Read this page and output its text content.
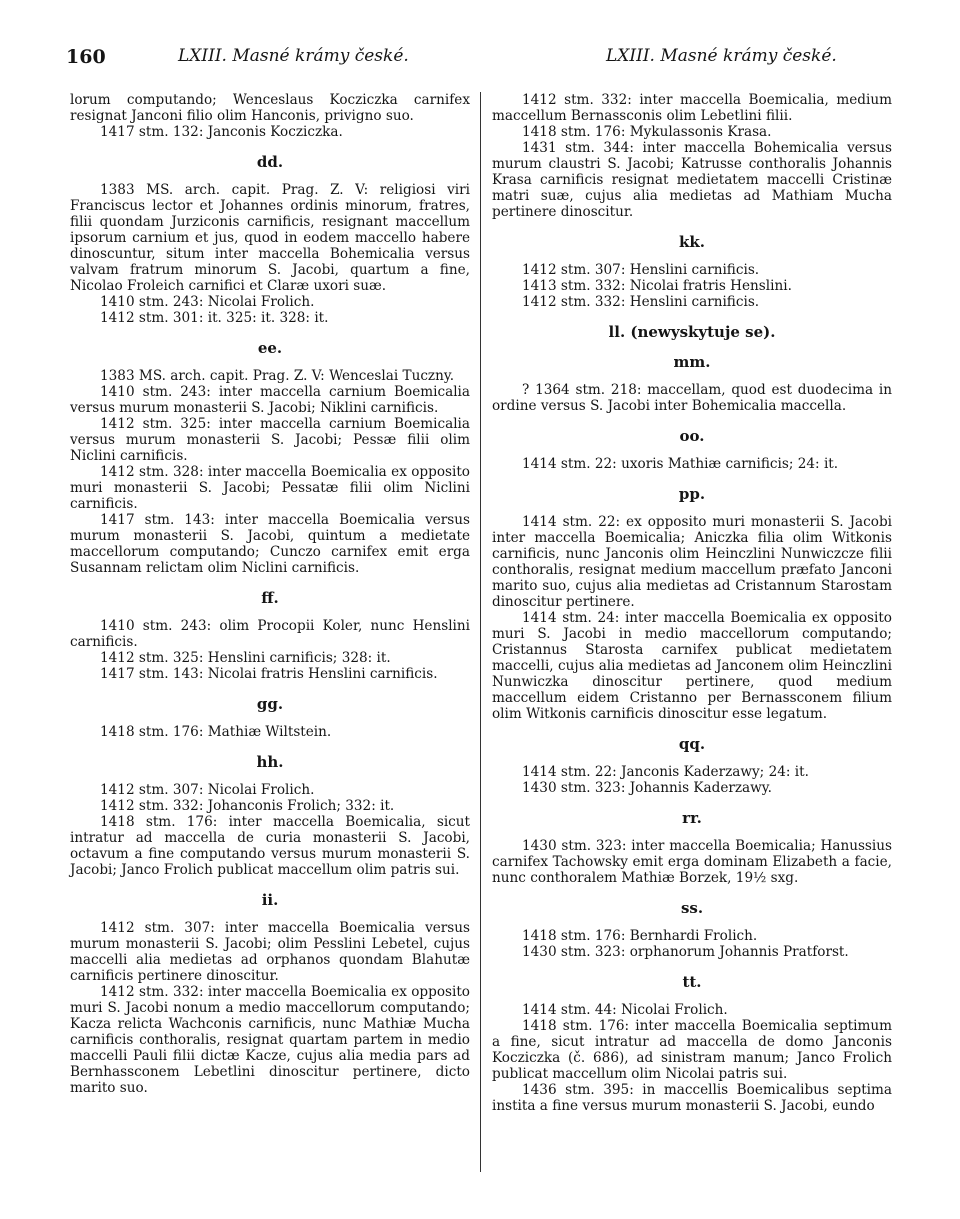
160	LXIII. Masné krámy české.	LXIII. Masné krámy české.

lorum computando; Wenceslaus Kocziczka carnifex resignat Janconi filio olim Hanconis, privigno suo.

1417 stm. 132: Janconis Kocziczka.

dd.

1383 MS. arch. capit. Prag. Z. V: religiosi viri Franciscus lector et Johannes ordinis minorum, fratres, filii quondam Jurziconis carnificis, resignant maccellum ipsorum carnium et jus, quod in eodem maccello habere dinoscuntur, situm inter maccella Bohemicalia versus valvam fratrum minorum S. Jacobi, quartum a fine, Nicolao Froleich carnifici et Claræ uxori suæ.

1410 stm. 243: Nicolai Frolich.

1412 stm. 301: it. 325: it. 328: it.

ee.

1383 MS. arch. capit. Prag. Z. V: Wenceslai Tuczny.

1410 stm. 243: inter maccella carnium Boemicalia versus murum monasterii S. Jacobi; Niklini carnificis.

1412 stm. 325: inter maccella carnium Boemicalia versus murum monasterii S. Jacobi; Pessæ filii olim Niclini carnificis.

1412 stm. 328: inter maccella Boemicalia ex opposito muri monasterii S. Jacobi; Pessatæ filii olim Niclini carnificis.

1417 stm. 143: inter maccella Boemicalia versus murum monasterii S. Jacobi, quintum a medietate maccellorum computando; Cunczo carnifex emit erga Susannam relictam olim Niclini carnificis.

ff.

1410 stm. 243: olim Procopii Koler, nunc Henslini carnificis.

1412 stm. 325: Henslini carnificis; 328: it.

1417 stm. 143: Nicolai fratris Henslini carnificis.

gg.

1418 stm. 176: Mathiæ Wiltstein.

hh.

1412 stm. 307: Nicolai Frolich.

1412 stm. 332: Johanconis Frolich; 332: it.

1418 stm. 176: inter maccella Boemicalia, sicut intratur ad maccella de curia monasterii S. Jacobi, octavum a fine computando versus murum monasterii S. Jacobi; Janco Frolich publicat maccellum olim patris sui.

ii.

1412 stm. 307: inter maccella Boemicalia versus murum monasterii S. Jacobi; olim Pesslini Lebetel, cujus maccelli alia medietas ad orphanos quondam Blahutæ carnificis pertinere dinoscitur.

1412 stm. 332: inter maccella Boemicalia ex opposito muri S. Jacobi nonum a medio maccellorum computando; Kacza relicta Wachconis carnificis, nunc Mathiæ Mucha carnificis conthoralis, resignat quartam partem in medio maccelli Pauli filii dictæ Kacze, cujus alia media pars ad Bernhassconem Lebetlini dinoscitur pertinere, dicto marito suo.

1412 stm. 332: inter maccella Boemicalia, medium maccellum Bernassconis olim Lebetlini filii.

1418 stm. 176: Mykulassonis Krasa.

1431 stm. 344: inter maccella Bohemicalia versus murum claustri S. Jacobi; Katrusse conthoralis Johannis Krasa carnificis resignat medietatem maccelli Cristinæ matri suæ, cujus alia medietas ad Mathiam Mucha pertinere dinoscitur.

kk.

1412 stm. 307: Henslini carnificis.

1413 stm. 332: Nicolai fratris Henslini.

1412 stm. 332: Henslini carnificis.

ll. (newyskytuje se).

mm.

? 1364 stm. 218: maccellam, quod est duodecima in ordine versus S. Jacobi inter Bohemicalia maccella.

oo.

1414 stm. 22: uxoris Mathiæ carnificis; 24: it.

pp.

1414 stm. 22: ex opposito muri monasterii S. Jacobi inter maccella Boemicalia; Aniczka filia olim Witkonis carnificis, nunc Janconis olim Heinczlini Nunwiczcze filii conthoralis, resignat medium maccellum præfato Janconi marito suo, cujus alia medietas ad Cristannum Starostam dinoscitur pertinere.

1414 stm. 24: inter maccella Boemicalia ex opposito muri S. Jacobi in medio maccellorum computando; Cristannus Starosta carnifex publicat medietatem maccelli, cujus alia medietas ad Janconem olim Heinczlini Nunwiczka dinoscitur pertinere, quod medium maccellum eidem Cristanno per Bernassconem filium olim Witkonis carnificis dinoscitur esse legatum.

qq.

1414 stm. 22: Janconis Kaderzawy; 24: it.

1430 stm. 323: Johannis Kaderzawy.

rr.

1430 stm. 323: inter maccella Boemicalia; Hanussius carnifex Tachowsky emit erga dominam Elizabeth a facie, nunc conthoralem Mathiæ Borzek, 19½ sxg.

ss.

1418 stm. 176: Bernhardi Frolich.

1430 stm. 323: orphanorum Johannis Pratforst.

tt.

1414 stm. 44: Nicolai Frolich.

1418 stm. 176: inter maccella Boemicalia septimum a fine, sicut intratur ad maccella de domo Janconis Kocziczka (č. 686), ad sinistram manum; Janco Frolich publicat maccellum olim Nicolai patris sui.

1436 stm. 395: in maccellis Boemicalibus septima instita a fine versus murum monasterii S. Jacobi, eundo
